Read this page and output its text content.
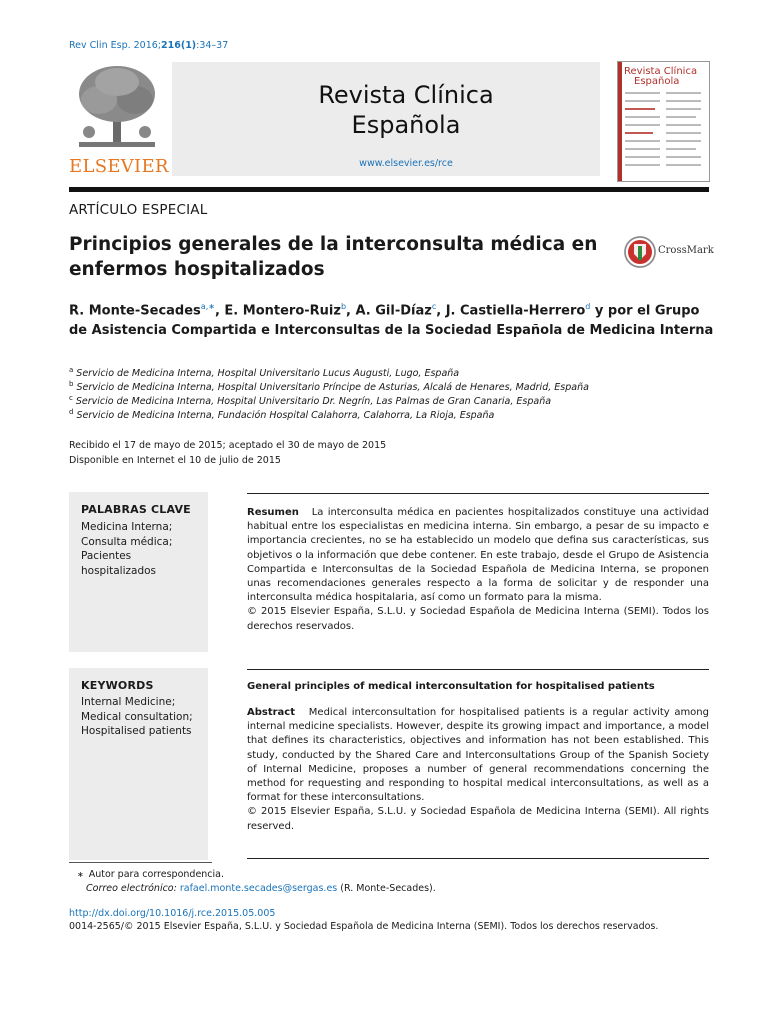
Rev Clin Esp. 2016;216(1):34–37
ELSEVIER
Revista Clínica
Española
www.elsevier.es/rce
Revista Clínica
Española
ARTÍCULO ESPECIAL
Principios generales de la interconsulta médica en
enfermos hospitalizados
CrossMark
R. Monte-Secades$^{a,∗}$, E. Montero-Ruiz$^b$, A. Gil-Díaz$^c$, J. Castiella-Herrero$^d$ y por el Grupo de Asistencia Compartida e Interconsultas de la Sociedad Española de Medicina Interna
$^a$ Servicio de Medicina Interna, Hospital Universitario Lucus Augusti, Lugo, España
$^b$ Servicio de Medicina Interna, Hospital Universitario Príncipe de Asturias, Alcalá de Henares, Madrid, España
$^c$ Servicio de Medicina Interna, Hospital Universitario Dr. Negrín, Las Palmas de Gran Canaria, España
$^d$ Servicio de Medicina Interna, Fundación Hospital Calahorra, Calahorra, La Rioja, España
Recibido el 17 de mayo de 2015; aceptado el 30 de mayo de 2015
Disponible en Internet el 10 de julio de 2015
PALABRAS CLAVE
Medicina Interna;
Consulta médica;
Pacientes
hospitalizados
KEYWORDS
Internal Medicine;
Medical consultation;
Hospitalised patients
Resumen La interconsulta médica en pacientes hospitalizados constituye una actividad habitual entre los especialistas en medicina interna. Sin embargo, a pesar de su impacto e importancia crecientes, no se ha establecido un modelo que defina sus características, sus objetivos o la información que debe contener. En este trabajo, desde el Grupo de Asistencia Compartida e Interconsultas de la Sociedad Española de Medicina Interna, se proponen unas recomendaciones generales respecto a la forma de solicitar y de responder una interconsulta médica hospitalaria, así como un formato para la misma.
© 2015 Elsevier España, S.L.U. y Sociedad Española de Medicina Interna (SEMI). Todos los derechos reservados.
General principles of medical interconsultation for hospitalised patients
Abstract Medical interconsultation for hospitalised patients is a regular activity among internal medicine specialists. However, despite its growing impact and importance, a model that defines its characteristics, objectives and information has not been established. This study, conducted by the Shared Care and Interconsultations Group of the Spanish Society of Internal Medicine, proposes a number of general recommendations concerning the method for requesting and responding to hospital medical interconsultations, as well as a format for these interconsultations.
© 2015 Elsevier España, S.L.U. y Sociedad Española de Medicina Interna (SEMI). All rights reserved.
∗ Autor para correspondencia.
Correo electrónico: rafael.monte.secades@sergas.es (R. Monte-Secades).
http://dx.doi.org/10.1016/j.rce.2015.05.005
0014-2565/© 2015 Elsevier España, S.L.U. y Sociedad Española de Medicina Interna (SEMI). Todos los derechos reservados.
